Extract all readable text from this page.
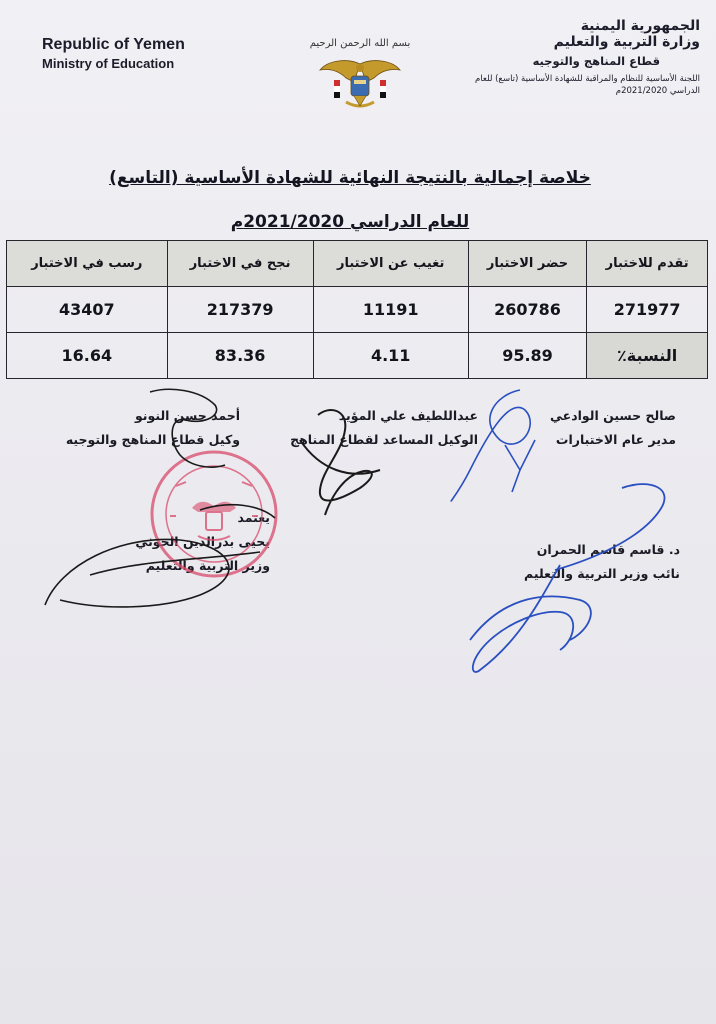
Republic of Yemen
Ministry of Education
بسم الله الرحمن الرحيم
الجمهورية اليمنية
وزارة التربية والتعليم
قطاع المناهج والتوجيه
اللجنة الأساسية للنظام والمراقبة للشهادة الأساسية (تاسع) للعام
الدراسي 2021/2020م
خلاصة إجمالية بالنتيجة النهائية للشهادة الأساسية (التاسع)
للعام الدراسي 2021/2020م
تقدم للاختبار	حضر الاختبار	تغيب عن الاختبار	نجح في الاختبار	رسب في الاختبار
271977	260786	11191	217379	43407
النسبة٪	95.89	4.11	83.36	16.64
صالح حسين الوادعي
مدير عام الاختبارات
عبداللطيف علي المؤيد
الوكيل المساعد لقطاع المناهج
أحمد حسن النونو
وكيل قطاع المناهج والتوجيه
د. قاسم قاسم الحمران
نائب وزير التربية والتعليم
يعتمد
يحيى بدرالدين الحوثي
وزير التربية والتعليم
